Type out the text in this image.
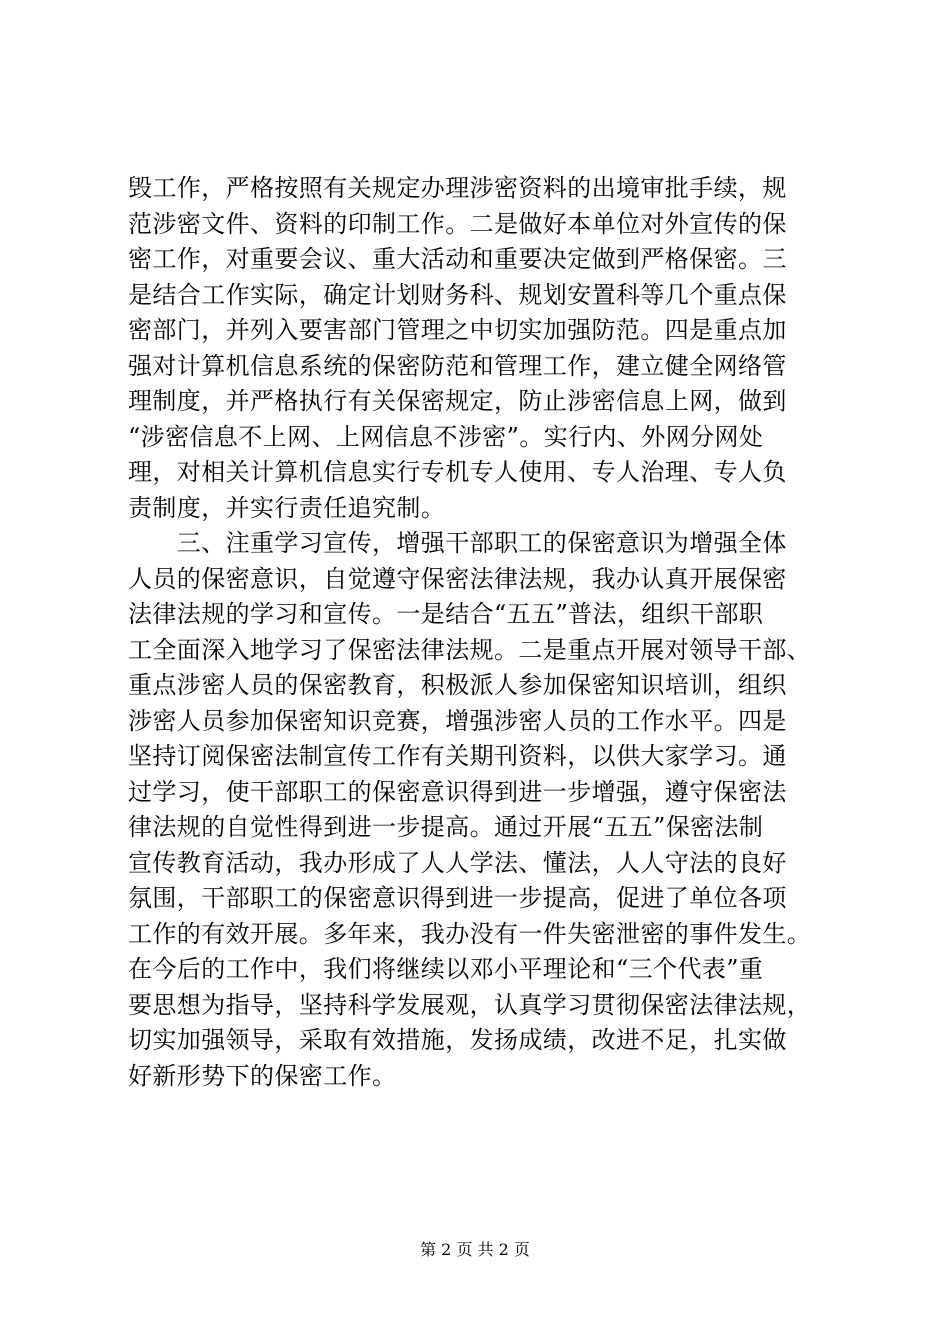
毁工作，严格按照有关规定办理涉密资料的出境审批手续，规
范涉密文件、资料的印制工作。二是做好本单位对外宣传的保
密工作，对重要会议、重大活动和重要决定做到严格保密。三
是结合工作实际，确定计划财务科、规划安置科等几个重点保
密部门，并列入要害部门管理之中切实加强防范。四是重点加
强对计算机信息系统的保密防范和管理工作，建立健全网络管
理制度，并严格执行有关保密规定，防止涉密信息上网，做到
“涉密信息不上网、上网信息不涉密”。实行内、外网分网处
理，对相关计算机信息实行专机专人使用、专人治理、专人负
责制度，并实行责任追究制。
　　三、注重学习宣传，增强干部职工的保密意识为增强全体
人员的保密意识，自觉遵守保密法律法规，我办认真开展保密
法律法规的学习和宣传。一是结合“五五”普法，组织干部职
工全面深入地学习了保密法律法规。二是重点开展对领导干部、
重点涉密人员的保密教育，积极派人参加保密知识培训，组织
涉密人员参加保密知识竞赛，增强涉密人员的工作水平。四是
坚持订阅保密法制宣传工作有关期刊资料，以供大家学习。通
过学习，使干部职工的保密意识得到进一步增强，遵守保密法
律法规的自觉性得到进一步提高。通过开展“五五”保密法制
宣传教育活动，我办形成了人人学法、懂法，人人守法的良好
氛围，干部职工的保密意识得到进一步提高，促进了单位各项
工作的有效开展。多年来，我办没有一件失密泄密的事件发生。
在今后的工作中，我们将继续以邓小平理论和“三个代表”重
要思想为指导，坚持科学发展观，认真学习贯彻保密法律法规，
切实加强领导，采取有效措施，发扬成绩，改进不足，扎实做
好新形势下的保密工作。
第 2 页 共 2 页
